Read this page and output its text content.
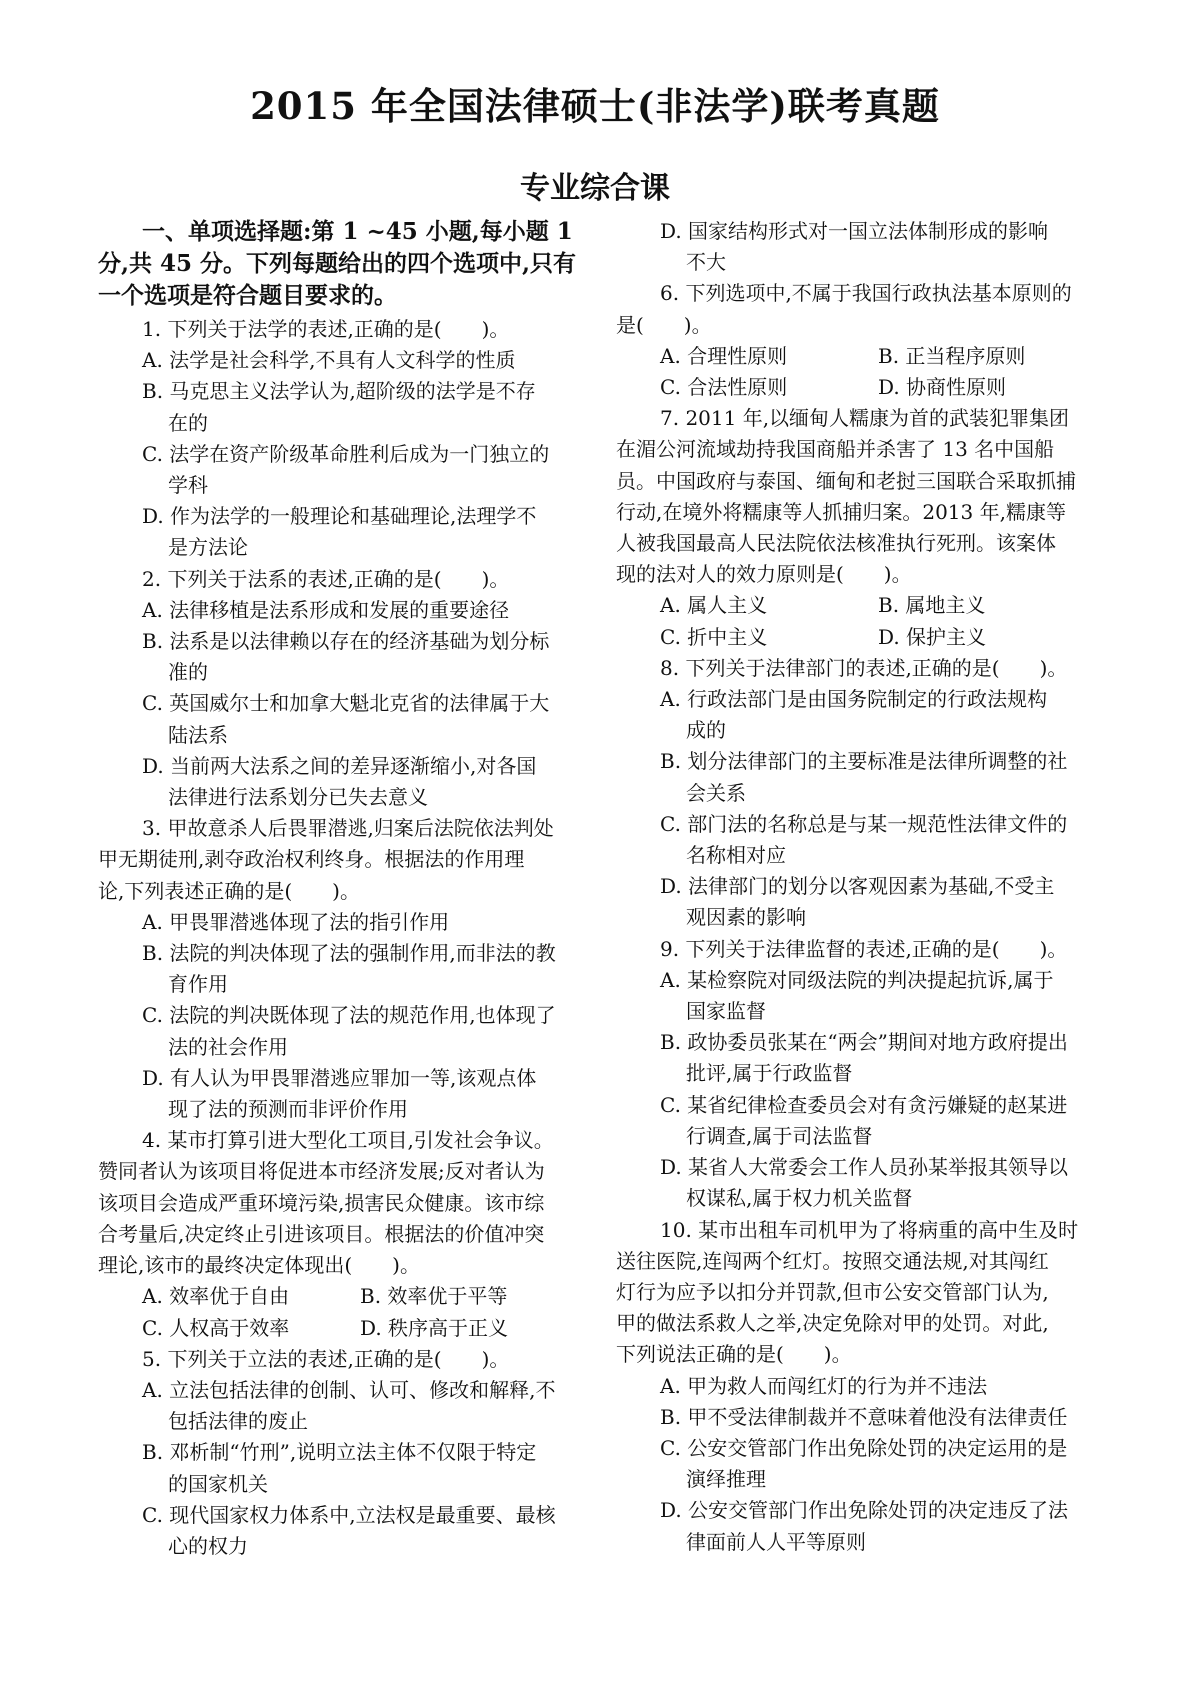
2015 年全国法律硕士(非法学)联考真题
专业综合课

一、单项选择题:第 1 ~45 小题,每小题 1 分,共 45 分。下列每题给出的四个选项中,只有一个选项是符合题目要求的。

1. 下列关于法学的表述,正确的是(　　)。

A. 法学是社会科学,不具有人文科学的性质

B. 马克思主义法学认为,超阶级的法学是不存

在的

C. 法学在资产阶级革命胜利后成为一门独立的

学科

D. 作为法学的一般理论和基础理论,法理学不

是方法论

2. 下列关于法系的表述,正确的是(　　)。

A. 法律移植是法系形成和发展的重要途径

B. 法系是以法律赖以存在的经济基础为划分标

准的

C. 英国威尔士和加拿大魁北克省的法律属于大

陆法系

D. 当前两大法系之间的差异逐渐缩小,对各国

法律进行法系划分已失去意义

3. 甲故意杀人后畏罪潜逃,归案后法院依法判处

甲无期徒刑,剥夺政治权利终身。根据法的作用理

论,下列表述正确的是(　　)。

A. 甲畏罪潜逃体现了法的指引作用

B. 法院的判决体现了法的强制作用,而非法的教

育作用

C. 法院的判决既体现了法的规范作用,也体现了

法的社会作用

D. 有人认为甲畏罪潜逃应罪加一等,该观点体

现了法的预测而非评价作用

4. 某市打算引进大型化工项目,引发社会争议。

赞同者认为该项目将促进本市经济发展;反对者认为

该项目会造成严重环境污染,损害民众健康。该市综

合考量后,决定终止引进该项目。根据法的价值冲突

理论,该市的最终决定体现出(　　)。

A. 效率优于自由	B. 效率优于平等
C. 人权高于效率	D. 秩序高于正义

5. 下列关于立法的表述,正确的是(　　)。

A. 立法包括法律的创制、认可、修改和解释,不

包括法律的废止

B. 邓析制“竹刑”,说明立法主体不仅限于特定

的国家机关

C. 现代国家权力体系中,立法权是最重要、最核

心的权力

D. 国家结构形式对一国立法体制形成的影响

不大

6. 下列选项中,不属于我国行政执法基本原则的

是(　　)。

A. 合理性原则	B. 正当程序原则
C. 合法性原则	D. 协商性原则

7. 2011 年,以缅甸人糯康为首的武装犯罪集团

在湄公河流域劫持我国商船并杀害了 13 名中国船

员。中国政府与泰国、缅甸和老挝三国联合采取抓捕

行动,在境外将糯康等人抓捕归案。2013 年,糯康等

人被我国最高人民法院依法核准执行死刑。该案体

现的法对人的效力原则是(　　)。

A. 属人主义	B. 属地主义
C. 折中主义	D. 保护主义

8. 下列关于法律部门的表述,正确的是(　　)。

A. 行政法部门是由国务院制定的行政法规构

成的

B. 划分法律部门的主要标准是法律所调整的社

会关系

C. 部门法的名称总是与某一规范性法律文件的

名称相对应

D. 法律部门的划分以客观因素为基础,不受主

观因素的影响

9. 下列关于法律监督的表述,正确的是(　　)。

A. 某检察院对同级法院的判决提起抗诉,属于

国家监督

B. 政协委员张某在“两会”期间对地方政府提出

批评,属于行政监督

C. 某省纪律检查委员会对有贪污嫌疑的赵某进

行调查,属于司法监督

D. 某省人大常委会工作人员孙某举报其领导以

权谋私,属于权力机关监督

10. 某市出租车司机甲为了将病重的高中生及时

送往医院,连闯两个红灯。按照交通法规,对其闯红

灯行为应予以扣分并罚款,但市公安交管部门认为,

甲的做法系救人之举,决定免除对甲的处罚。对此,

下列说法正确的是(　　)。

A. 甲为救人而闯红灯的行为并不违法

B. 甲不受法律制裁并不意味着他没有法律责任

C. 公安交管部门作出免除处罚的决定运用的是

演绎推理

D. 公安交管部门作出免除处罚的决定违反了法

律面前人人平等原则
